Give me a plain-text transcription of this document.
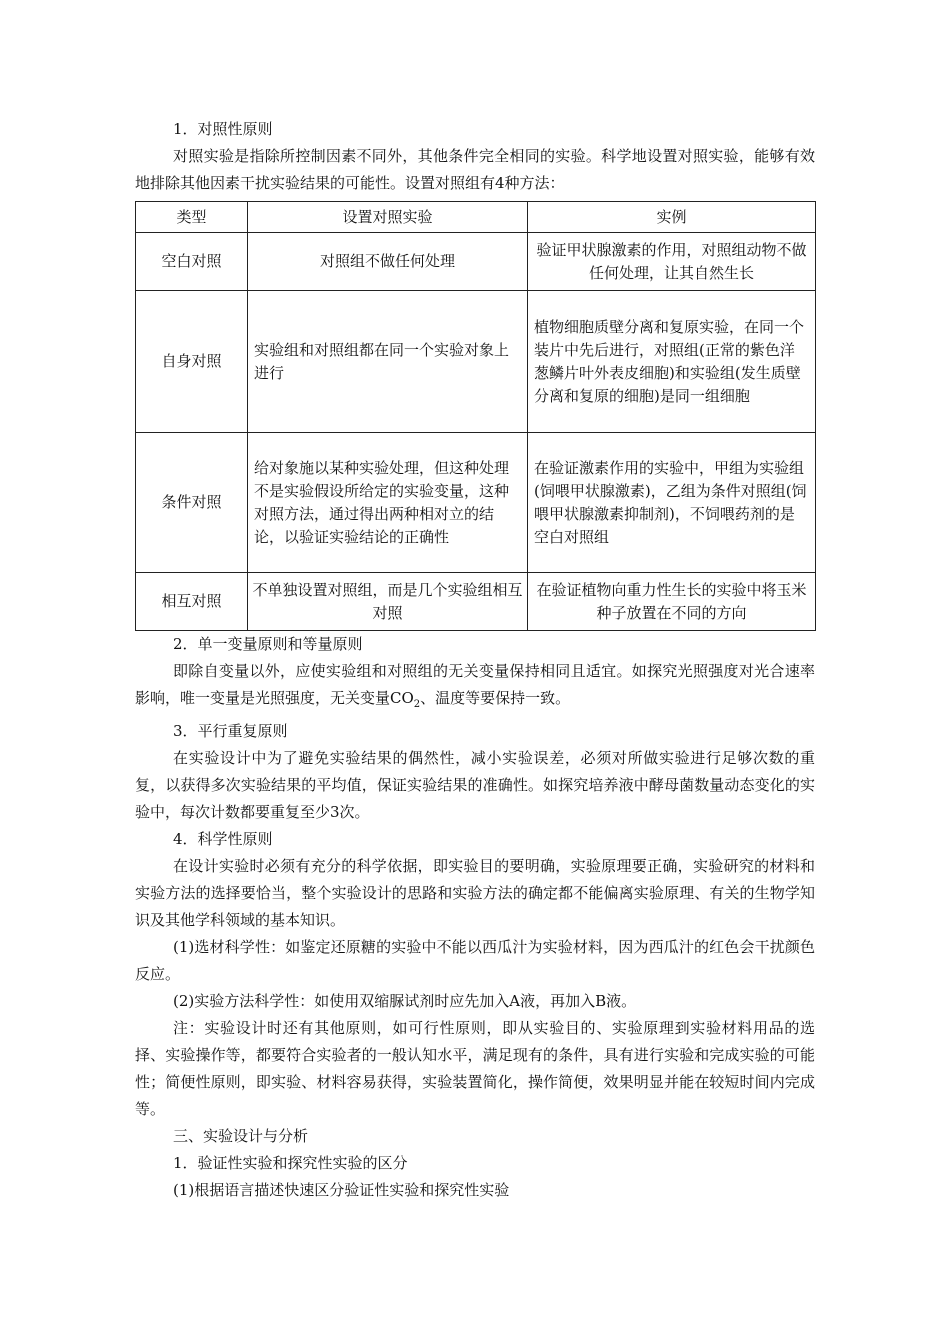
1．对照性原则

对照实验是指除所控制因素不同外，其他条件完全相同的实验。科学地设置对照实验，能够有效地排除其他因素干扰实验结果的可能性。设置对照组有4种方法：

类型	设置对照实验	实例
空白对照	对照组不做任何处理	验证甲状腺激素的作用，对照组动物不做任何处理，让其自然生长
自身对照	实验组和对照组都在同一个实验对象上进行	植物细胞质壁分离和复原实验，在同一个装片中先后进行，对照组(正常的紫色洋葱鳞片叶外表皮细胞)和实验组(发生质壁分离和复原的细胞)是同一组细胞
条件对照	给对象施以某种实验处理，但这种处理不是实验假设所给定的实验变量，这种对照方法，通过得出两种相对立的结论，以验证实验结论的正确性	在验证激素作用的实验中，甲组为实验组(饲喂甲状腺激素)，乙组为条件对照组(饲喂甲状腺激素抑制剂)，不饲喂药剂的是空白对照组
相互对照	不单独设置对照组，而是几个实验组相互对照	在验证植物向重力性生长的实验中将玉米种子放置在不同的方向

2．单一变量原则和等量原则

即除自变量以外，应使实验组和对照组的无关变量保持相同且适宜。如探究光照强度对光合速率影响，唯一变量是光照强度，无关变量$CO_2$、温度等要保持一致。

3．平行重复原则

在实验设计中为了避免实验结果的偶然性，减小实验误差，必须对所做实验进行足够次数的重复，以获得多次实验结果的平均值，保证实验结果的准确性。如探究培养液中酵母菌数量动态变化的实验中，每次计数都要重复至少3次。

4．科学性原则

在设计实验时必须有充分的科学依据，即实验目的要明确，实验原理要正确，实验研究的材料和实验方法的选择要恰当，整个实验设计的思路和实验方法的确定都不能偏离实验原理、有关的生物学知识及其他学科领域的基本知识。

(1)选材科学性：如鉴定还原糖的实验中不能以西瓜汁为实验材料，因为西瓜汁的红色会干扰颜色反应。

(2)实验方法科学性：如使用双缩脲试剂时应先加入A液，再加入B液。

注：实验设计时还有其他原则，如可行性原则，即从实验目的、实验原理到实验材料用品的选择、实验操作等，都要符合实验者的一般认知水平，满足现有的条件，具有进行实验和完成实验的可能性；简便性原则，即实验、材料容易获得，实验装置简化，操作简便，效果明显并能在较短时间内完成等。

三、实验设计与分析

1．验证性实验和探究性实验的区分

(1)根据语言描述快速区分验证性实验和探究性实验
